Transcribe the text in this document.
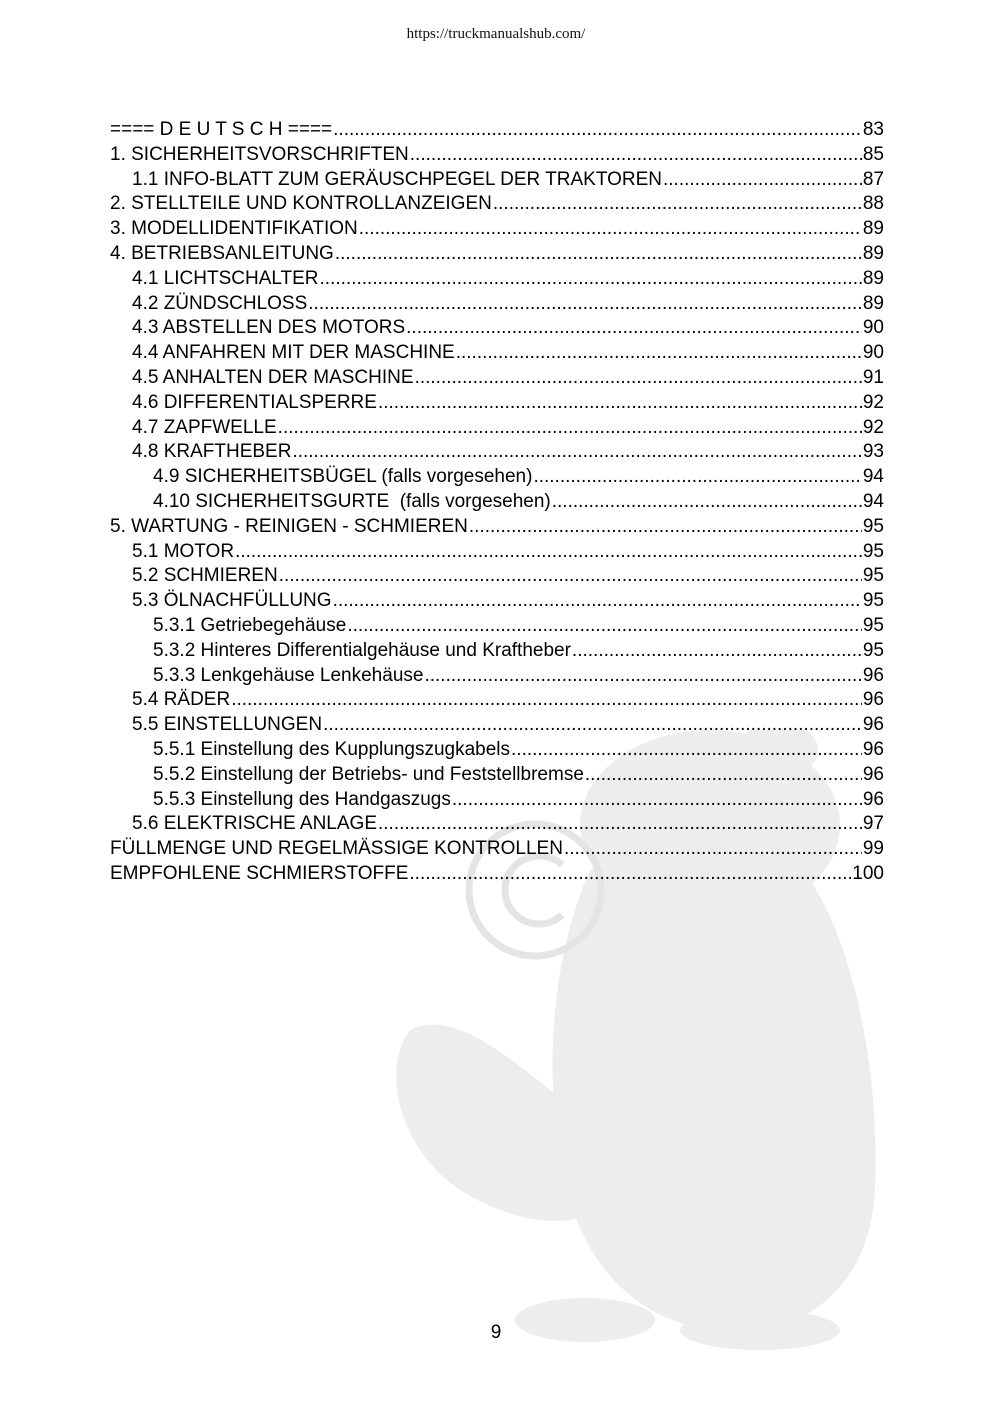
https://truckmanualshub.com/
==== D E U T S C H ==== .....	83
1. SICHERHEITSVORSCHRIFTEN .....	85
1.1 INFO-BLATT ZUM GERÄUSCHPEGEL DER TRAKTOREN .....	87
2. STELLTEILE UND KONTROLLANZEIGEN .....	88
3. MODELLIDENTIFIKATION .....	89
4. BETRIEBSANLEITUNG .....	89
4.1 LICHTSCHALTER .....	89
4.2 ZÜNDSCHLOSS .....	89
4.3 ABSTELLEN DES MOTORS .....	90
4.4 ANFAHREN MIT DER MASCHINE .....	90
4.5 ANHALTEN DER MASCHINE .....	91
4.6 DIFFERENTIALSPERRE .....	92
4.7 ZAPFWELLE .....	92
4.8 KRAFTHEBER .....	93
4.9 SICHERHEITSBÜGEL (falls vorgesehen) .....	94
4.10 SICHERHEITSGURTE  (falls vorgesehen) .....	94
5. WARTUNG - REINIGEN - SCHMIEREN .....	95
5.1 MOTOR .....	95
5.2 SCHMIEREN .....	95
5.3 ÖLNACHFÜLLUNG .....	95
5.3.1 Getriebegehäuse .....	95
5.3.2 Hinteres Differentialgehäuse und Kraftheber .....	95
5.3.3 Lenkgehäuse Lenkehäuse .....	96
5.4 RÄDER .....	96
5.5 EINSTELLUNGEN .....	96
5.5.1 Einstellung des Kupplungszugkabels .....	96
5.5.2 Einstellung der Betriebs- und Feststellbremse .....	96
5.5.3 Einstellung des Handgaszugs .....	96
5.6 ELEKTRISCHE ANLAGE .....	97
FÜLLMENGE UND REGELMÄSSIGE KONTROLLEN .....	99
EMPFOHLENE SCHMIERSTOFFE .....	100
9
